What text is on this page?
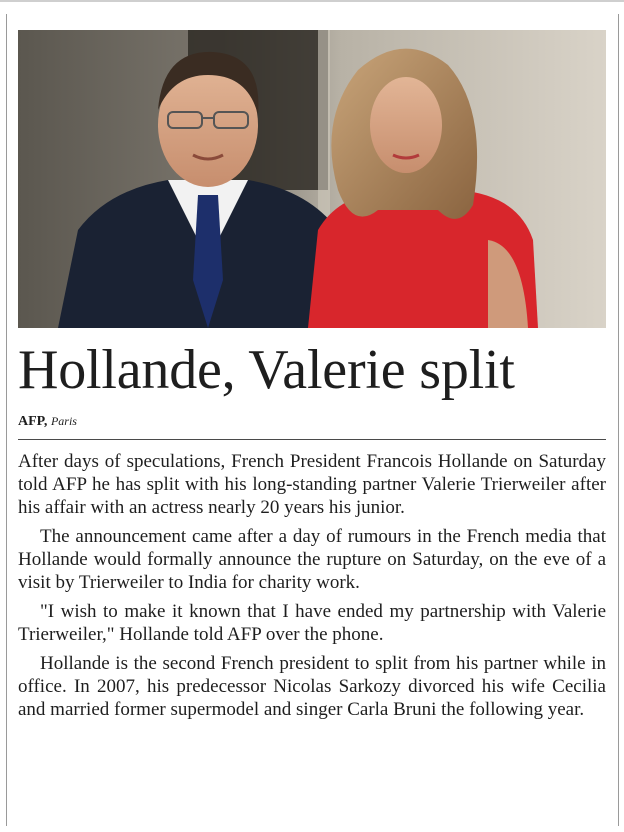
Hollande, Valerie split
AFP, Paris

After days of speculations, French President Francois Hollande on Saturday told AFP he has split with his long-standing partner Valerie Trierweiler after his affair with an actress nearly 20 years his junior.

The announcement came after a day of rumours in the French media that Hollande would formally announce the rupture on Saturday, on the eve of a visit by Trierweiler to India for charity work.

"I wish to make it known that I have ended my partnership with Valerie Trierweiler," Hollande told AFP over the phone.

Hollande is the second French president to split from his partner while in office. In 2007, his predecessor Nicolas Sarkozy divorced his wife Cecilia and married former supermodel and singer Carla Bruni the following year.
